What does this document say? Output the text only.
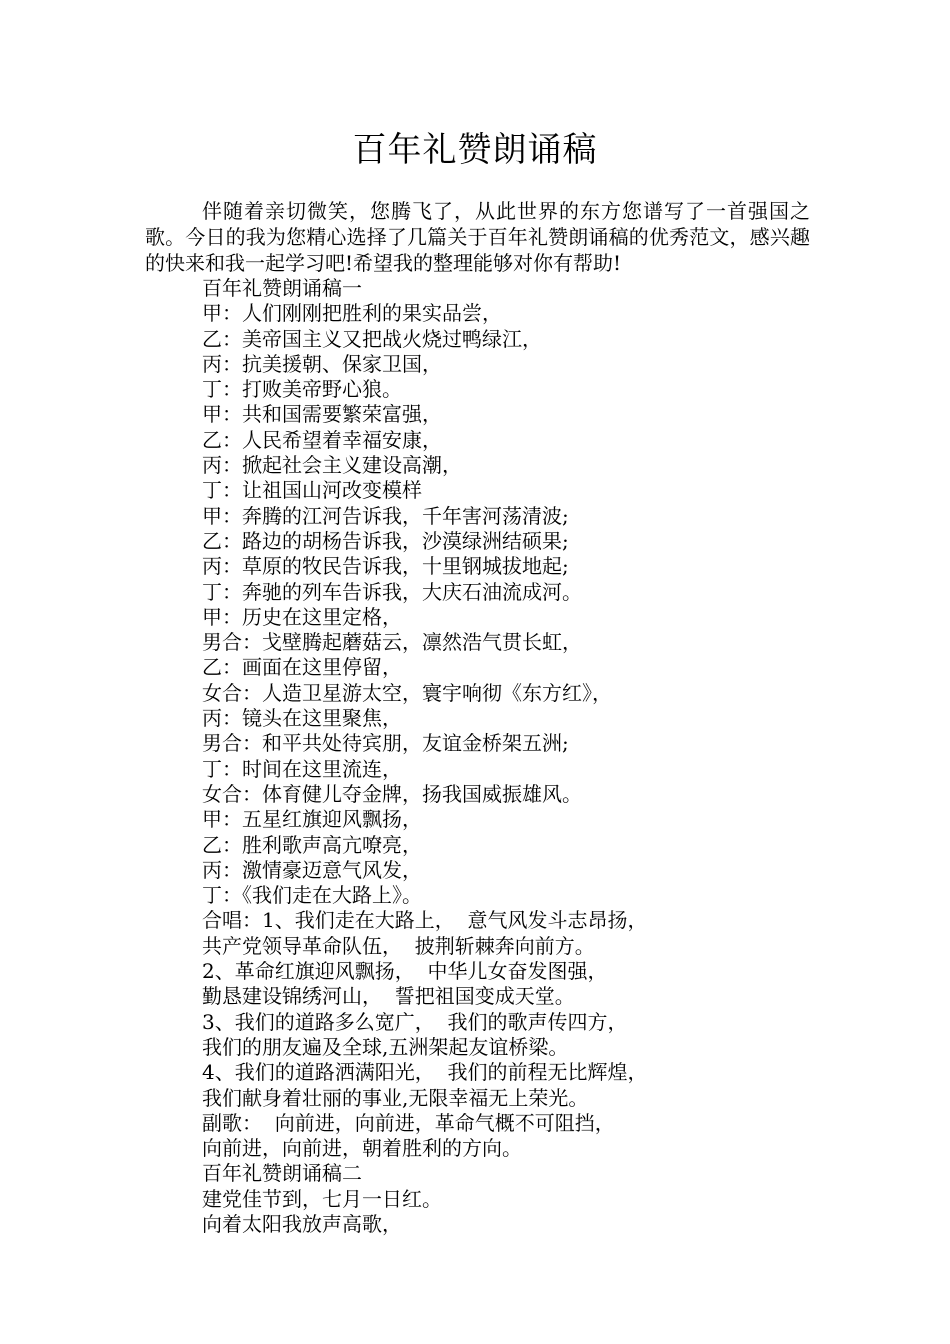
百年礼赞朗诵稿
伴随着亲切微笑，您腾飞了，从此世界的东方您谱写了一首强国之歌。今日的我为您精心选择了几篇关于百年礼赞朗诵稿的优秀范文，感兴趣的快来和我一起学习吧!希望我的整理能够对你有帮助!
百年礼赞朗诵稿一
甲：人们刚刚把胜利的果实品尝，
乙：美帝国主义又把战火烧过鸭绿江，
丙：抗美援朝、保家卫国，
丁：打败美帝野心狼。
甲：共和国需要繁荣富强，
乙：人民希望着幸福安康，
丙：掀起社会主义建设高潮，
丁：让祖国山河改变模样
甲：奔腾的江河告诉我，千年害河荡清波;
乙：路边的胡杨告诉我，沙漠绿洲结硕果;
丙：草原的牧民告诉我，十里钢城拔地起;
丁：奔驰的列车告诉我，大庆石油流成河。
甲：历史在这里定格，
男合：戈壁腾起蘑菇云，凛然浩气贯长虹，
乙：画面在这里停留，
女合：人造卫星游太空，寰宇响彻《东方红》，
丙：镜头在这里聚焦，
男合：和平共处待宾朋，友谊金桥架五洲;
丁：时间在这里流连，
女合：体育健儿夺金牌，扬我国威振雄风。
甲：五星红旗迎风飘扬，
乙：胜利歌声高亢嘹亮，
丙：激情豪迈意气风发，
丁：《我们走在大路上》。
合唱：1、我们走在大路上，  意气风发斗志昂扬，
共产党领导革命队伍，  披荆斩棘奔向前方。
2、革命红旗迎风飘扬，  中华儿女奋发图强，
勤恳建设锦绣河山，  誓把祖国变成天堂。
3、我们的道路多么宽广，  我们的歌声传四方，
我们的朋友遍及全球,五洲架起友谊桥梁。
4、我们的道路洒满阳光，  我们的前程无比辉煌，
我们献身着壮丽的事业,无限幸福无上荣光。
副歌：  向前进，向前进，革命气概不可阻挡，
向前进，向前进，朝着胜利的方向。
百年礼赞朗诵稿二
建党佳节到，七月一日红。
向着太阳我放声高歌，
